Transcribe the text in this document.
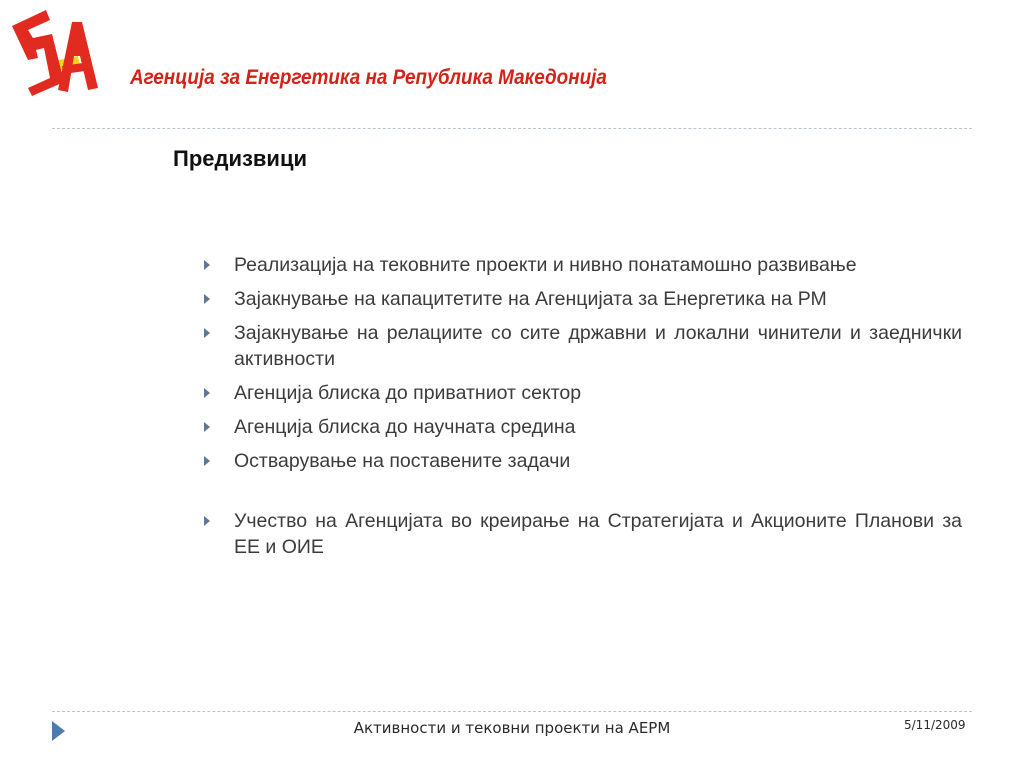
Агенција за Енергетика на Република Македонија
Предизвици
Реализација на тековните проекти и нивно понатамошно развивање
Зајакнување на капацитетите на Агенцијата за Енергетика на РМ
Зајакнување на релациите со сите државни и локални чинители и заеднички активности
Агенција блиска до приватниот сектор
Агенција блиска до научната средина
Остварување на поставените задачи
Учество на Агенцијата во креирање на Стратегијата и Акционите Планови за ЕЕ и ОИЕ
Активности и тековни проекти на АЕРМ	5/11/2009
